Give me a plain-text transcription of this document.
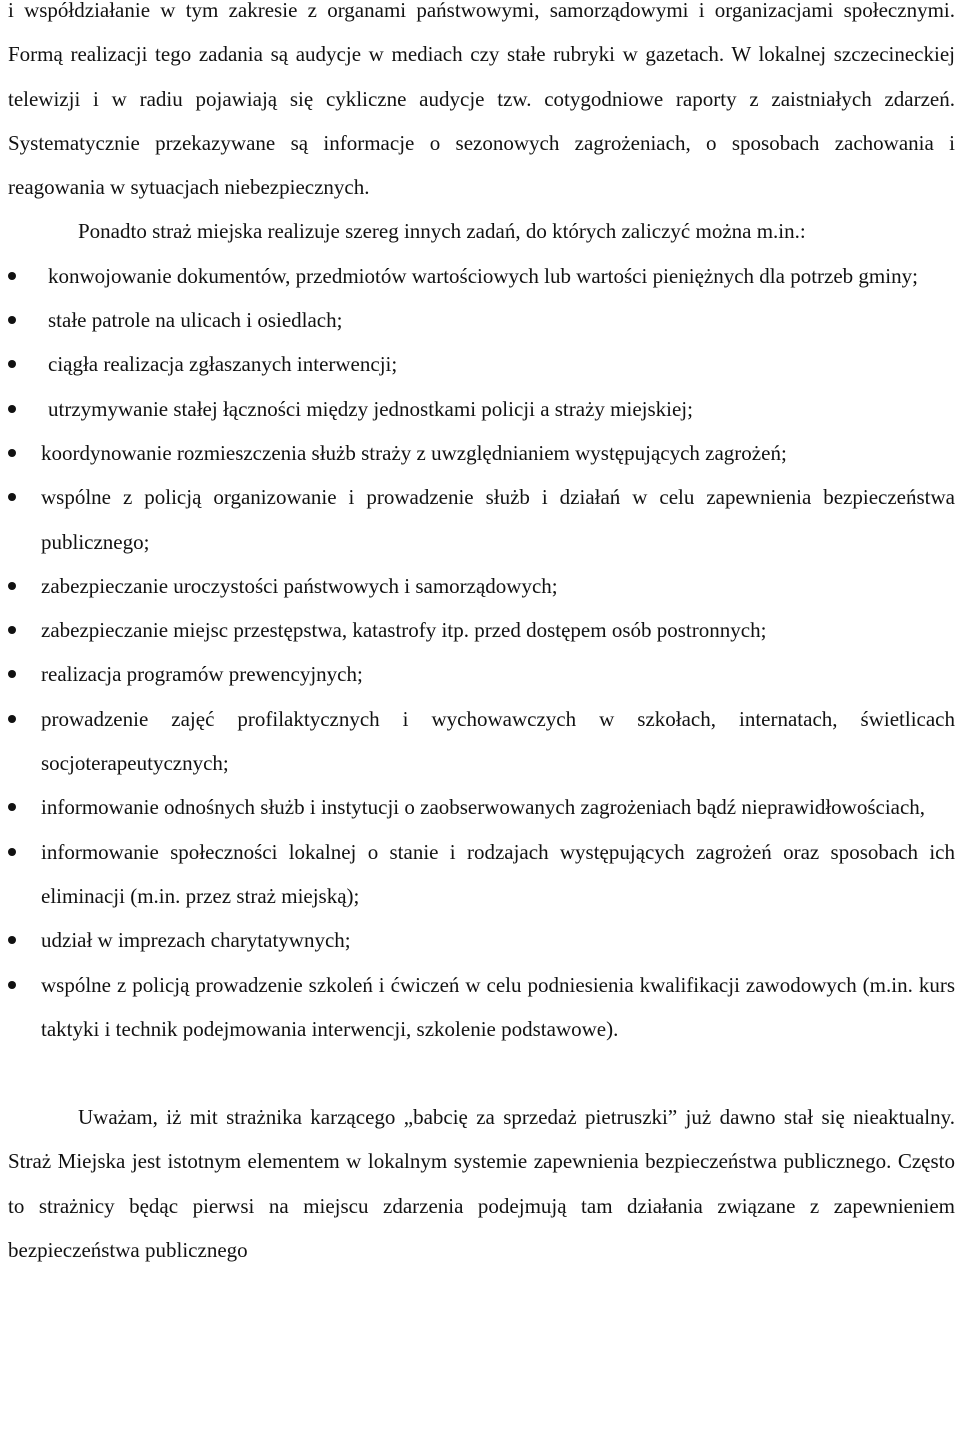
i współdziałanie w tym zakresie z organami państwowymi, samorządowymi i organizacjami społecznymi. Formą realizacji tego zadania są audycje w mediach czy stałe rubryki w gazetach. W lokalnej szczecineckiej telewizji i w radiu pojawiają się cykliczne audycje tzw. cotygodniowe raporty z zaistniałych zdarzeń. Systematycznie przekazywane są informacje o sezonowych zagrożeniach, o sposobach zachowania i reagowania w sytuacjach niebezpiecznych.

Ponadto straż miejska realizuje szereg innych zadań, do których zaliczyć można m.in.:

konwojowanie dokumentów, przedmiotów wartościowych lub wartości pieniężnych dla potrzeb gminy;
stałe patrole na ulicach i osiedlach;
ciągła realizacja zgłaszanych interwencji;
utrzymywanie stałej łączności między jednostkami policji a straży miejskiej;
koordynowanie rozmieszczenia służb straży z uwzględnianiem występujących zagrożeń;
wspólne z policją organizowanie i prowadzenie służb i działań w celu zapewnienia bezpieczeństwa publicznego;
zabezpieczanie uroczystości państwowych i samorządowych;
zabezpieczanie miejsc przestępstwa, katastrofy itp. przed dostępem osób postronnych;
realizacja programów prewencyjnych;
prowadzenie zajęć profilaktycznych i wychowawczych w szkołach, internatach, świetlicach socjoterapeutycznych;
informowanie odnośnych służb i instytucji o zaobserwowanych zagrożeniach bądź nieprawidłowościach,
informowanie społeczności lokalnej o stanie i rodzajach występujących zagrożeń oraz sposobach ich eliminacji (m.in. przez straż miejską);
udział w imprezach charytatywnych;
wspólne z policją prowadzenie szkoleń i ćwiczeń w celu podniesienia kwalifikacji zawodowych (m.in. kurs taktyki i technik podejmowania interwencji, szkolenie podstawowe).

Uważam, iż mit strażnika karzącego „babcię za sprzedaż pietruszki” już dawno stał się nieaktualny. Straż Miejska jest istotnym elementem w lokalnym systemie zapewnienia bezpieczeństwa publicznego. Często to strażnicy będąc pierwsi na miejscu zdarzenia podejmują tam działania związane z zapewnieniem bezpieczeństwa publicznego
